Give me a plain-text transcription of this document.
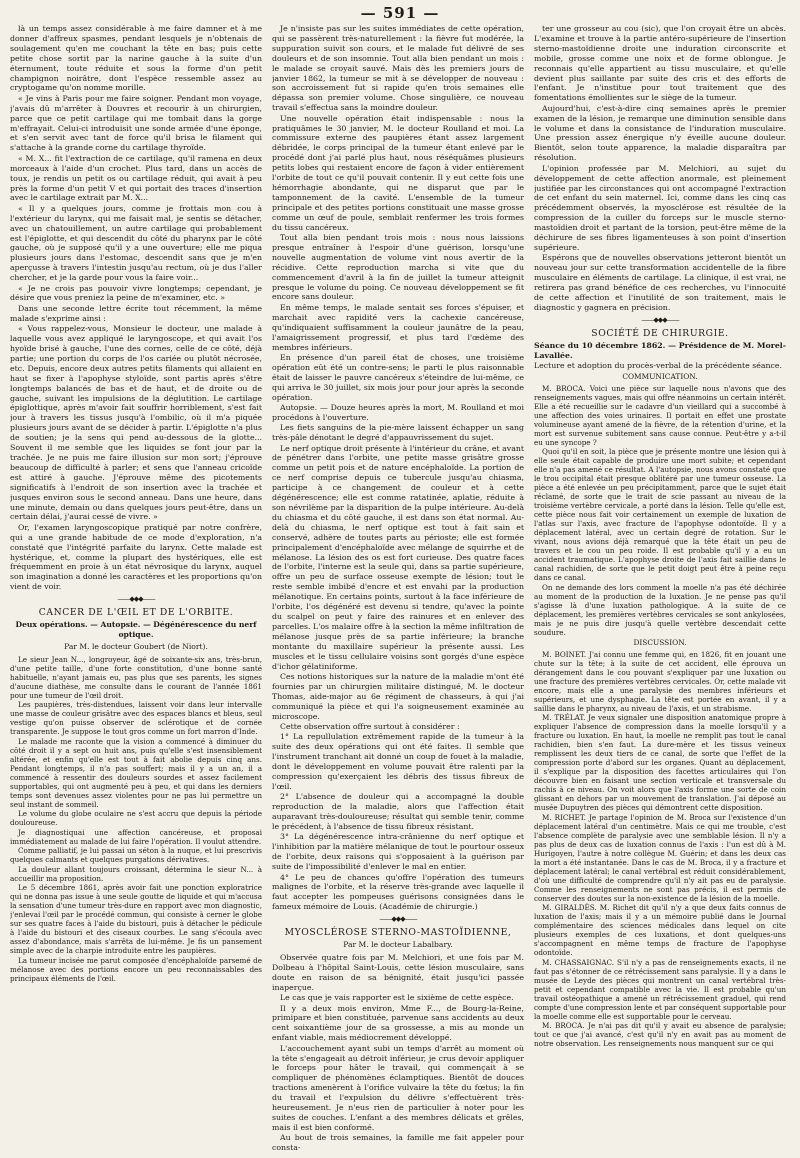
— 591 —

là un temps assez considérable à me faire damner et à me donner d'affreux spasmes, pendant lesquels je n'obtenais de soulagement qu'en me couchant la tête en bas; puis cette petite chose sortit par la narine gauche à la suite d'un éternument, toute réduite et sous la forme d'un petit champignon noirâtre, dont l'espèce ressemble assez au cryptogame qu'on nomme morille.

« Je vins à Paris pour me faire soigner. Pendant mon voyage, j'avais dû m'arrêter à Douvres et recourir à un chirurgien, parce que ce petit cartilage qui me tombait dans la gorge m'effrayait. Celui-ci introduisit une sonde armée d'une éponge, et s'en servit avec tant de force qu'il brisa le filament qui s'attache à la grande corne du cartilage thyroïde.

« M. X... fit l'extraction de ce cartilage, qu'il ramena en deux morceaux à l'aide d'un crochet. Plus tard, dans un accès de toux, je rendis un petit os ou cartilage réduit, qui avait à peu près la forme d'un petit V et qui portait des traces d'insertion avec le cartilage extrait par M. X...

« Il y a quelques jours, comme je frottais mon cou à l'extérieur du larynx, qui me faisait mal, je sentis se détacher, avec un chatouillement, un autre cartilage qui probablement est l'épiglotte, et qui descendit du côté du pharynx par le côté gauche, où je supposé qu'il y a une ouverture; elle me piqua plusieurs jours dans l'estomac, descendit sans que je m'en aperçusse à travers l'intestin jusqu'au rectum, où je dus l'aller chercher, et je la garde pour vous la faire voir...

« Je ne crois pas pouvoir vivre longtemps; cependant, je désire que vous preniez la peine de m'examiner, etc. »

Dans une seconde lettre écrite tout récemment, la même malade s'exprime ainsi :

« Vous rappelez-vous, Monsieur le docteur, une malade à laquelle vous avez appliqué le laryngoscope, et qui avait l'os hyoïde brisé à gauche, l'une des cornes, celle de ce côté, déjà partie; une portion du corps de l'os cariée ou plutôt nécrosée, etc. Depuis, encore deux autres petits filaments qui allaient en haut se fixer à l'apophyse styloïde, sont partis après s'être longtemps balancés de bas et de haut, et de droite ou de gauche, suivant les impulsions de la déglutition. Le cartilage épiglottique, après m'avoir fait souffrir horriblement, s'est fait jour à travers les tissus jusqu'à l'ombilic, où il m'a piquée plusieurs jours avant de se décider à partir. L'épiglotte n'a plus de soutien; je la sens qui pend au-dessous de la glotte... Souvent il me semble que les liquides se font jour par la trachée. Je ne puis me faire illusion sur mon sort; j'éprouve beaucoup de difficulté à parler; et sens que l'anneau cricoïde est attiré à gauche. J'éprouve même des picotements significatifs à l'endroit de son insertion avec la trachée et jusques environ sous le second anneau. Dans une heure, dans une minute, demain ou dans quelques jours peut-être, dans un certain délai, j'aurai cessé de vivre. »

Or, l'examen laryngoscopique pratiqué par notre confrère, qui a une grande habitude de ce mode d'exploration, n'a constaté que l'intégrité parfaite du larynx. Cette malade est hystérique, et, comme la plupart des hystériques, elle est fréquemment en proie à un état névrosique du larynx, auquel son imagination a donné les caractères et les proportions qu'on vient de voir.

——◆◆◆——
CANCER DE L'ŒIL ET DE L'ORBITE.
Deux opérations. — Autopsie. — Dégénérescence du nerf optique.

Par M. le docteur Goubert (de Niort).

Le sieur Jean N..., longroyeur, âgé de soixante-six ans, très-brun, d'une petite taille, d'une forte constitution, d'une bonne santé habituelle, n'ayant jamais eu, pas plus que ses parents, les signes d'aucune diathèse, me consulte dans le courant de l'année 1861 pour une tumeur de l'œil droit.

Les paupières, très-distendues, laissent voir dans leur intervalle une masse de couleur grisâtre avec des espaces blancs et bleus, seul vestige qu'on puisse observer de sclérotique et de cornée transparente. Je suppose le tout gros comme un fort marron d'Inde.

Le malade me raconte que la vision a commencé à diminuer du côté droit il y a sept ou huit ans, puis qu'elle s'est insensiblement altérée, et enfin qu'elle est tout à fait abolie depuis cinq ans. Pendant longtemps, il n'a pas souffert; mais il y a un an, il a commencé à ressentir des douleurs sourdes et assez facilement supportables, qui ont augmenté peu à peu, et qui dans les derniers temps sont devenues assez violentes pour ne pas lui permettre un seul instant de sommeil.

Le volume du globe oculaire ne s'est accru que depuis la période douloureuse.

Je diagnostiquai une affection cancéreuse, et proposai immédiatement au malade de lui faire l'opération. Il voulut attendre.

Comme palliatif, je lui passai un séton à la nuque, et lui prescrivis quelques calmants et quelques purgations dérivatives.

La douleur allant toujours croissant, détermina le sieur N... à accueillir ma proposition.

Le 5 décembre 1861, après avoir fait une ponction exploratrice qui ne donna pas issue à une seule goutte de liquide et qui m'accusa la sensation d'une tumeur très-dure en rapport avec mon diagnostic, j'enlevai l'œil par le procédé commun, qui consiste à cerner le globe sur ses quatre faces à l'aide du bistouri, puis à détacher le pédicule à l'aide du bistouri et des ciseaux courbes. Le sang s'écoula avec assez d'abondance, mais s'arrêta de lui-même. Je fis un pansement simple avec de la charpie introduite entre les paupières.

La tumeur incisée me parut composée d'encéphaloïde parsemé de mélanose avec des portions encore un peu reconnaissables des principaux éléments de l'œil.

Je n'insiste pas sur les suites immédiates de cette opération, qui se passèrent très-naturellement : la fièvre fut modérée, la suppuration suivit son cours, et le malade fut délivré de ses douleurs et de son insomnie. Tout alla bien pendant un mois : le malade se croyait sauvé. Mais dès les premiers jours de janvier 1862, la tumeur se mit à se développer de nouveau : son accroissement fut si rapide qu'en trois semaines elle dépassa son premier volume. Chose singulière, ce nouveau travail s'effectua sans la moindre douleur.

Une nouvelle opération était indispensable : nous la pratiquâmes le 30 janvier, M. le docteur Roulland et moi. La commissure externe des paupières étant assez largement débridée, le corps principal de la tumeur étant enlevé par le procédé dont j'ai parlé plus haut, nous réséquâmes plusieurs petits lobes qui restaient encore de façon à vider entièrement l'orbite de tout ce qu'il pouvait contenir. Il y eut cette fois une hémorrhagie abondante, qui ne disparut que par le tamponnement de la cavité. L'ensemble de la tumeur principale et des petites portions constituait une masse grosse comme un œuf de poule, semblait renfermer les trois formes du tissu cancéreux.

Tout alla bien pendant trois mois : nous nous laissions presque entraîner à l'espoir d'une guérison, lorsqu'une nouvelle augmentation de volume vint nous avertir de la récidive. Cette reproduction marcha si vite que du commencement d'avril à la fin de juillet la tumeur atteignit presque le volume du poing. Ce nouveau développement se fit encore sans douleur.

En même temps, le malade sentait ses forces s'épuiser, et marchait avec rapidité vers la cachexie cancéreuse, qu'indiquaient suffisamment la couleur jaunâtre de la peau, l'amaigrissement progressif, et plus tard l'œdème des membres inférieurs.

En présence d'un pareil état de choses, une troisième opération eût été un contre-sens; le parti le plus raisonnable était de laisser le pauvre cancéreux s'éteindre de lui-même, ce qui arriva le 30 juillet, six mois jour pour jour après la seconde opération.

Autopsie. — Douze heures après la mort, M. Roulland et moi procédons à l'ouverture.

Les fiets sanguins de la pie-mère laissent échapper un sang très-pâle dénotant le degré d'appauvrissement du sujet.

Le nerf optique droit présente à l'intérieur du crâne, et avant de pénétrer dans l'orbite, une petite masse grisâtre grosse comme un petit pois et de nature encéphaloïde. La portion de ce nerf comprise depuis ce tubercule jusqu'au chiasma, participe à ce changement de couleur et à cette dégénérescence; elle est comme ratatinée, aplatie, réduite à son névrilème par la disparition de la pulpe intérieure. Au-delà du chiasma et du côté gauche, il est dans son état normal. Au-delà du chiasma, le nerf optique est tout à fait sain et conservé, adhère de toutes parts au périoste; elle est formée principalement d'encéphaloïde avec mélange de squirrhe et de mélanose. La lésion des os est fort curieuse. Des quatre faces de l'orbite, l'interne est la seule qui, dans sa partie supérieure, offre un peu de surface osseuse exempte de lésion; tout le reste semble imbibé d'encre et est envahi par la production mélanotique. En certains points, surtout à la face inférieure de l'orbite, l'os dégénéré est devenu si tendre, qu'avec la pointe du scalpel on peut y faire des rainures et en enlever des parcelles. L'os malaire offre à la section la même infiltration de mélanose jusque près de sa partie inférieure; la branche montante du maxillaire supérieur la présente aussi. Les muscles et le tissu cellulaire voisins sont gorgés d'une espèce d'ichor gélatiniforme.

Ces notions historiques sur la nature de la maladie m'ont été fournies par un chirurgien militaire distingué, M. le docteur Thomas, aide-major au 6e régiment de chasseurs, à qui j'ai communiqué la pièce et qui l'a soigneusement examinée au microscope.

Cette observation offre surtout à considérer :

1° La repullulation extrêmement rapide de la tumeur à la suite des deux opérations qui ont été faites. Il semble que l'instrument tranchant ait donné un coup de fouet à la maladie, dont le développement en volume pouvait être ralenti par la compression qu'exerçaient les débris des tissus fibreux de l'œil.

2° L'absence de douleur qui a accompagné la double reproduction de la maladie, alors que l'affection était auparavant très-douloureuse; résultat qui semble tenir, comme le précédent, à l'absence de tissu fibreux résistant.

3° La dégénérescence intra-crânienne du nerf optique et l'inhibition par la matière mélanique de tout le pourtour osseux de l'orbite, deux raisons qui s'opposaient à la guérison par suite de l'impossibilité d'enlever le mal en entier.

4° Le peu de chances qu'offre l'opération des tumeurs malignes de l'orbite, et la réserve très-grande avec laquelle il faut accepter les pompeuses guérisons consignées dans le fameux mémoire de Louis. (Académie de chirurgie.)

——◆◆◆——
MYOSCLÉROSE STERNO-MASTOÏDIENNE,

Par M. le docteur Labalbary.

Observée quatre fois par M. Melchiori, et une fois par M. Dolbeau à l'hôpital Saint-Louis, cette lésion musculaire, sans doute en raison de sa bénignité, était jusqu'ici passée inaperçue.

Le cas que je vais rapporter est le sixième de cette espèce.

Il y a deux mois environ, Mme F..., de Bourg-la-Reine, primipare et bien constituée, parvenue sans accidents au deux cent soixantième jour de sa grossesse, a mis au monde un enfant viable, mais médiocrement développé.

L'accouchement ayant subi un temps d'arrêt au moment où la tête s'engageait au détroit inférieur, je crus devoir appliquer le forceps pour hâter le travail, qui commençait à se compliquer de phénomènes éclamptiques. Bientôt de douces tractions amenèrent à l'orifice vulvaire la tête du fœtus; la fin du travail et l'expulsion du délivre s'effectuèrent très-heureusement. Je n'eus rien de particulier à noter pour les suites de couches. L'enfant a des membres délicats et grêles, mais il est bien conformé.

Au bout de trois semaines, la famille me fait appeler pour consta-

ter une grosseur au cou (sic), que l'on croyait être un abcès. L'examine et trouve à la partie antéro-supérieure de l'insertion sterno-mastoïdienne droite une induration circonscrite et mobile, grosse comme une noix et de forme oblongue. Je reconnais qu'elle appartient au tissu musculaire, et qu'elle devient plus saillante par suite des cris et des efforts de l'enfant. Je n'institue pour tout traitement que des fomentations émollientes sur le siège de la tumeur.

Aujourd'hui, c'est-à-dire cinq semaines après le premier examen de la lésion, je remarque une diminution sensible dans le volume et dans la consistance de l'induration musculaire. Une pression assez énergique n'y éveille aucune douleur. Bientôt, selon toute apparence, la maladie disparaîtra par résolution.

L'opinion professée par M. Melchiori, au sujet du développement de cette affection anormale, est pleinement justifiée par les circonstances qui ont accompagné l'extraction de cet enfant du sein maternel. Ici, comme dans les cinq cas précédemment observés, la myosclérose est résultée de la compression de la cuiller du forceps sur le muscle sterno-mastoïdien droit et partant de la torsion, peut-être même de la déchirure de ses fibres ligamenteuses à son point d'insertion supérieure.

Espérons que de nouvelles observations jetteront bientôt un nouveau jour sur cette transformation accidentelle de la fibre musculaire en éléments de cartilage. La clinique, il est vrai, ne retirera pas grand bénéfice de ces recherches, vu l'innocuité de cette affection et l'inutilité de son traitement, mais le diagnostic y gagnera en précision.

——◆◆◆——
SOCIÉTÉ DE CHIRURGIE.

Séance du 10 décembre 1862. — Présidence de M. Morel-Lavallée.

Lecture et adoption du procès-verbal de la précédente séance.

COMMUNICATION.

M. BROCA. Voici une pièce sur laquelle nous n'avons que des renseignements vagues, mais qui offre néanmoins un certain intérêt. Elle a été recueillie sur le cadavre d'un vieillard qui a succombé à une affection des voies urinaires. Il portait en effet une prostate volumineuse ayant amené de la fièvre, de la rétention d'urine, et la mort est survenue subitement sans cause connue. Peut-être y a-t-il eu une syncope ?

Quoi qu'il en soit, la pièce que je présente montre une lésion qui à elle seule était capable de produire une mort subite; et cependant elle n'a pas amené ce résultat. A l'autopsie, nous avons constaté que le trou occipital était presque oblitéré par une tumeur osseuse. La pièce a été enlevée un peu précipitamment, parce que le sujet était réclamé, de sorte que le trait de scie passant au niveau de la troisième vertèbre cervicale, a porté dans la lésion. Telle qu'elle est, cette pièce nous fait voir certainement un exemple de luxation de l'atlas sur l'axis, avec fracture de l'apophyse odontoïde. Il y a déplacement latéral, avec un certain degré de rotation. Sur le vivant, nous avions déjà remarqué que la tête était un peu de travers et le cou un peu roide. Il est probable qu'il y a eu un accident traumatique. L'apophyse droite de l'axis fait saillie dans le canal rachidien, de sorte que le petit doigt peut être à peine reçu dans ce canal.

On ne demande des lors comment la moelle n'a pas été déchirée au moment de la production de la luxation. Je ne pense pas qu'il s'agisse là d'une luxation pathologique. A la suite de ce déplacement, les premières vertèbres cervicales se sont ankylosées, mais je ne puis dire jusqu'à quelle vertèbre descendait cette soudure.

DISCUSSION.

M. BOINET. J'ai connu une femme qui, en 1826, fit en jouant une chute sur la tête; à la suite de cet accident, elle éprouva un dérangement dans le cou pouvant s'expliquer par une luxation ou une fracture des premières vertèbres cervicales. Or, cette malade vit encore, mais elle a une paralysie des membres inférieurs et supérieurs, et une dysphagie. La tête est portée en avant, il y a saillie dans le pharynx, au niveau de l'axis, et un strabisme.

M. TRÉLAT. Je veux signaler une disposition anatomique propre à expliquer l'absence de compression dans la moelle lorsqu'il y a fracture ou luxation. En haut, la moelle ne remplit pas tout le canal rachidien, bien s'en faut. La dure-mère et les tissus veineux remplissent les deux tiers de ce canal, de sorte que l'effet de la compression porte d'abord sur les organes. Quant au déplacement, il s'explique par la disposition des facettes articulaires qui l'on découvre bien en faisant une section verticale et transversale du rachis à ce niveau. On voit alors que l'axis forme une sorte de coin glissant en dehors par un mouvement de translation. J'ai déposé au musée Dupuytren des pièces qui démontrent cette disposition.

M. RICHET. Je partage l'opinion de M. Broca sur l'existence d'un déplacement latéral d'un centimètre. Mais ce qui me trouble, c'est l'absence complète de paralysie avec une semblable lésion. Il n'y a pas plus de deux cas de luxation connus de l'axis : l'un est dû à M. Hurigoyen, l'autre à notre collègue M. Guérin; et dans les deux cas la mort a été instantanée. Dans le cas de M. Broca, il y a fracture et déplacement latéral; le canal vertébral est réduit considérablement, d'où une difficulté de comprendre qu'il n'y ait pas eu de paralysie. Comme les renseignements ne sont pas précis, il est permis de conserver des doutes sur la non-existence de la lésion de la moelle.

M. GIRALDÈS. M. Richet dit qu'il n'y a que deux faits connus de luxation de l'axis; mais il y a un mémoire publié dans le Journal complémentaire des sciences médicales dans lequel on cite plusieurs exemples de ces luxations, et dont quelques-uns s'accompagnent en même temps de fracture de l'apophyse odontoïde.

M. CHASSAIGNAC. S'il n'y a pas de renseignements exacts, il ne faut pas s'étonner de ce rétrécissement sans paralysie. Il y a dans le musée de Leyde des pièces qui montrent un canal vertébral très-petit et cependant compatible avec la vie. Il est probable qu'un travail ostéopathique a amené un rétrécissement graduel, qui rend compte d'une compression lente et par conséquent supportable pour la moelle comme elle est supportable pour le cerveau.

M. BROCA. Je n'ai pas dit qu'il y avait eu absence de paralysie; tout ce que j'ai avancé, c'est qu'il n'y en avait pas au moment de notre observation. Les renseignements nous manquent sur ce qui
